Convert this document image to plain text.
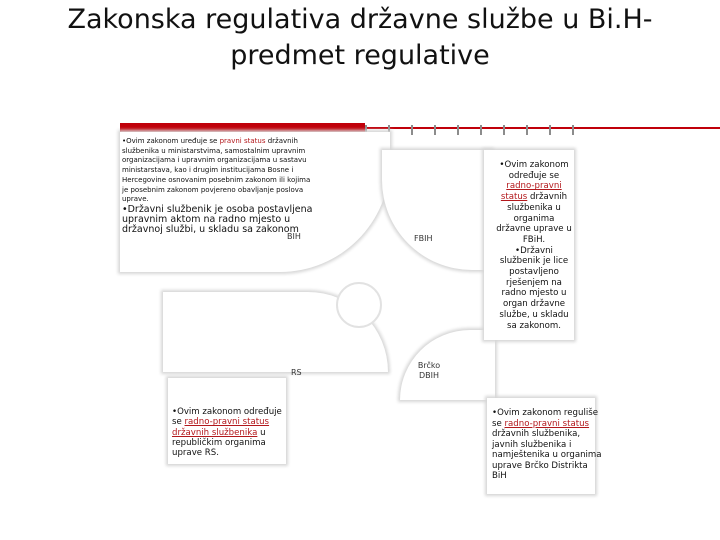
Zakonska regulativa državne službe u Bi.H-
predmet regulative
•Ovim zakonom uređuje se pravni status državnih službenika u ministarstvima, samostalnim upravnim organizacijama i upravnim organizacijama u sastavu ministarstava, kao i drugim institucijama Bosne i Hercegovine osnovanim posebnim zakonom ili kojima je posebnim zakonom povjereno obavljanje poslova uprave.
•Državni službenik je osoba postavljena upravnim aktom na radno mjesto u državnoj službi, u skladu sa zakonom
•Ovim zakonom određuje se radno-pravni status državnih službenika u organima državne uprave u FBiH.
•Državni službenik je lice postavljeno rješenjem na radno mjesto u organ državne službe, u skladu sa zakonom.
•Ovim zakonom određuje se radno-pravni status državnih službenika u republičkim organima uprave RS.
•Ovim zakonom reguliše se radno-pravni status državnih službenika, javnih službenika i namještenika u organima uprave Brčko Distrikta BiH
BIH	FBIH
RS
Brčko
DBIH
